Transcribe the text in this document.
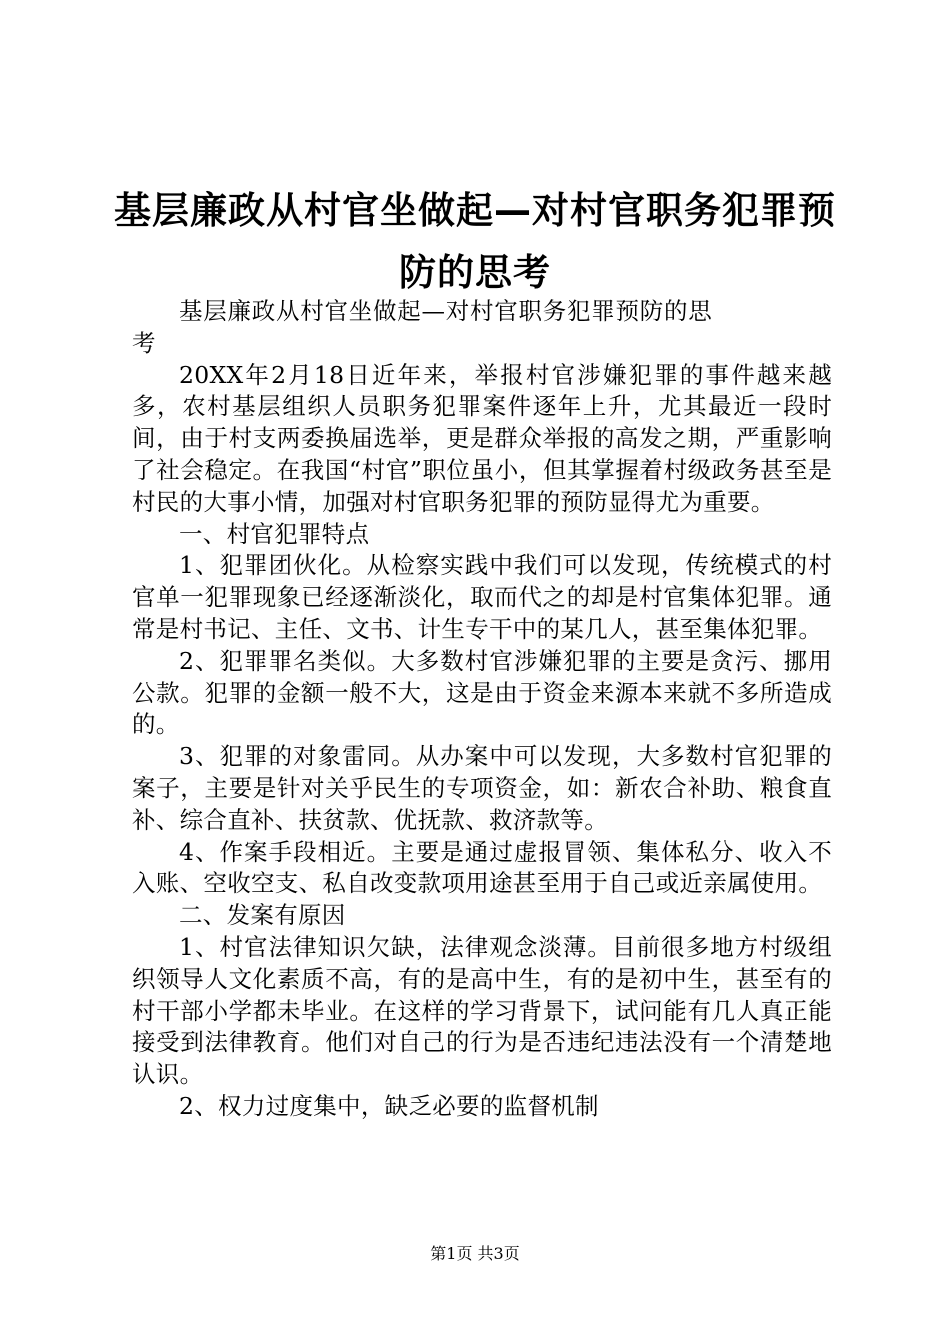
基层廉政从村官坐做起—对村官职务犯罪预防的思考

基层廉政从村官坐做起—对村官职务犯罪预防的思考

20XX年2月18日近年来，举报村官涉嫌犯罪的事件越来越多，农村基层组织人员职务犯罪案件逐年上升，尤其最近一段时间，由于村支两委换届选举，更是群众举报的高发之期，严重影响了社会稳定。在我国“村官”职位虽小，但其掌握着村级政务甚至是村民的大事小情，加强对村官职务犯罪的预防显得尤为重要。

一、村官犯罪特点

1、犯罪团伙化。从检察实践中我们可以发现，传统模式的村官单一犯罪现象已经逐渐淡化，取而代之的却是村官集体犯罪。通常是村书记、主任、文书、计生专干中的某几人，甚至集体犯罪。

2、犯罪罪名类似。大多数村官涉嫌犯罪的主要是贪污、挪用公款。犯罪的金额一般不大，这是由于资金来源本来就不多所造成的。

3、犯罪的对象雷同。从办案中可以发现，大多数村官犯罪的案子，主要是针对关乎民生的专项资金，如：新农合补助、粮食直补、综合直补、扶贫款、优抚款、救济款等。

4、作案手段相近。主要是通过虚报冒领、集体私分、收入不入账、空收空支、私自改变款项用途甚至用于自己或近亲属使用。

二、发案有原因

1、村官法律知识欠缺，法律观念淡薄。目前很多地方村级组织领导人文化素质不高，有的是高中生，有的是初中生，甚至有的村干部小学都未毕业。在这样的学习背景下，试问能有几人真正能接受到法律教育。他们对自己的行为是否违纪违法没有一个清楚地认识。

2、权力过度集中，缺乏必要的监督机制

第1页 共3页
